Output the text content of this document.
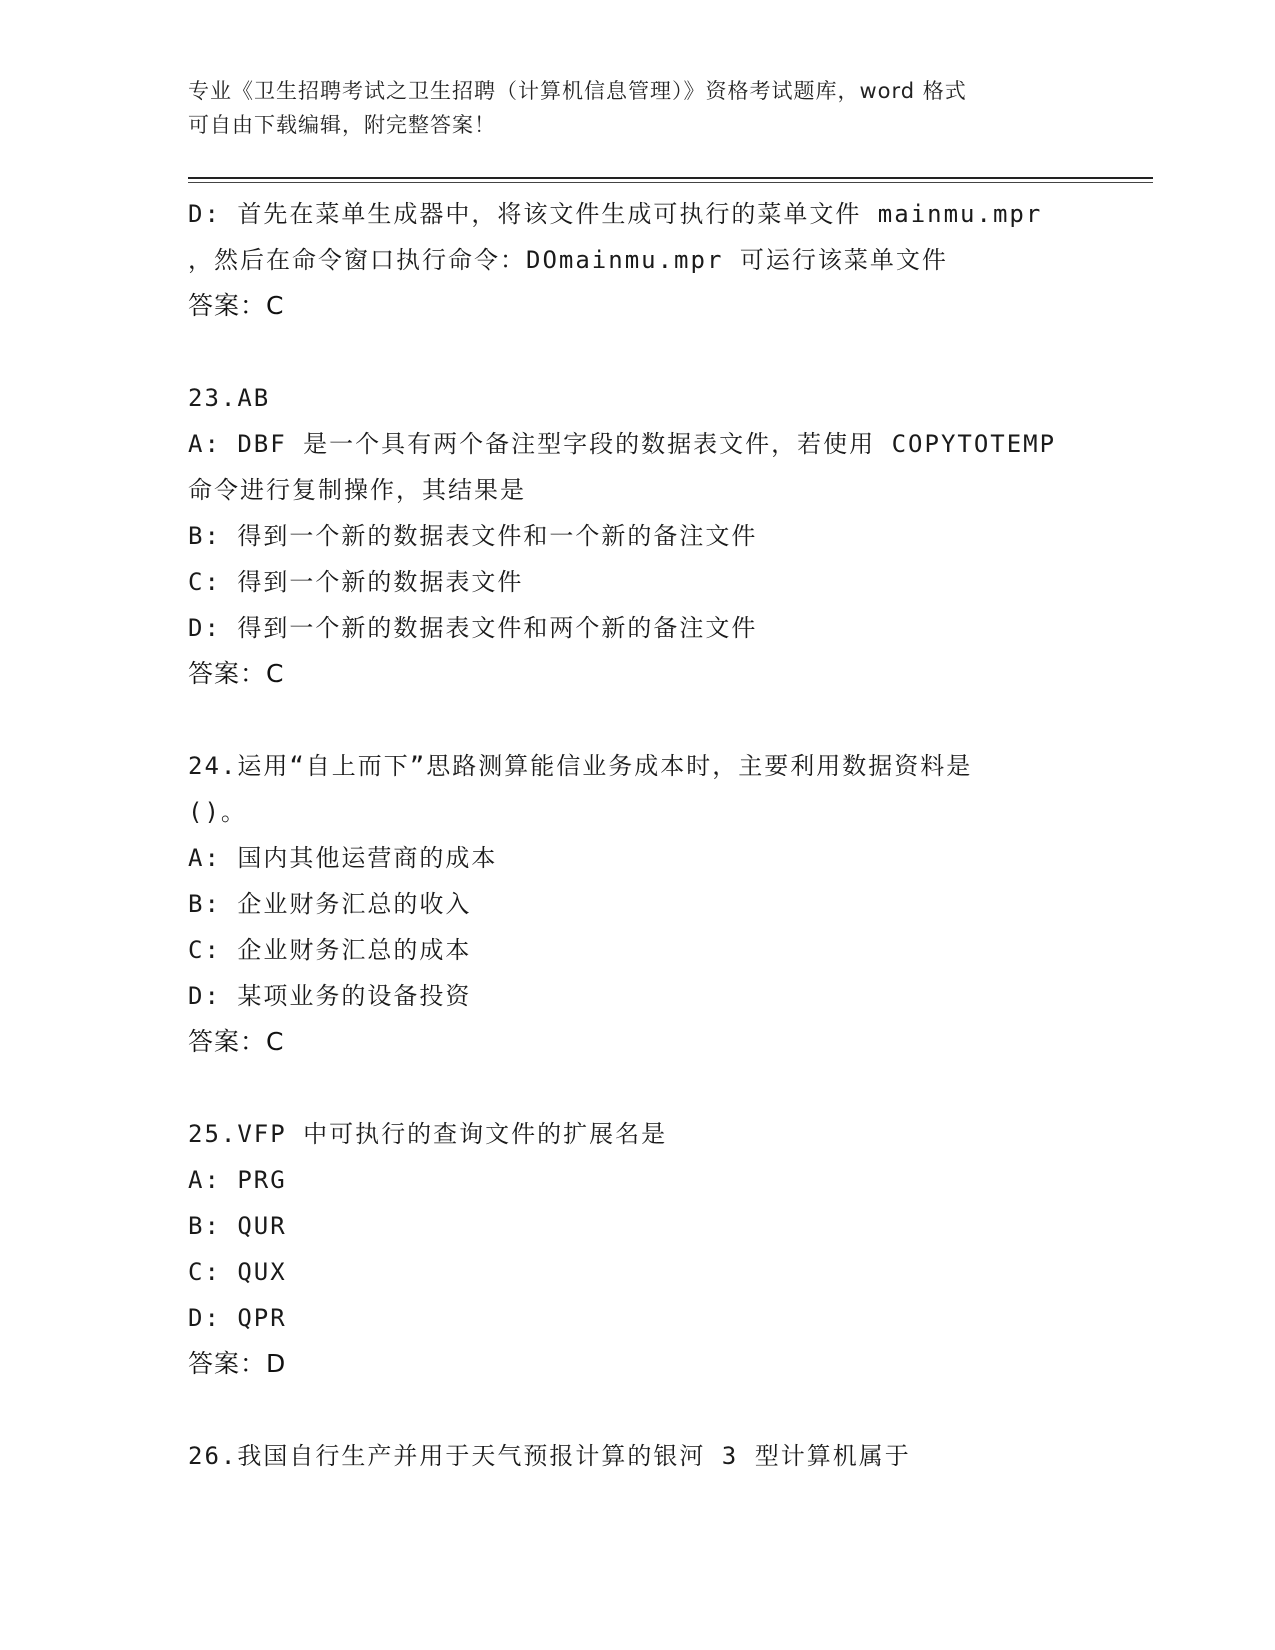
专业《卫生招聘考试之卫生招聘（计算机信息管理）》资格考试题库，word 格式
可自由下载编辑，附完整答案！
D: 首先在菜单生成器中，将该文件生成可执行的菜单文件 mainmu.mpr
，然后在命令窗口执行命令：DOmainmu.mpr 可运行该菜单文件
答案：C
23.AB
A: DBF 是一个具有两个备注型字段的数据表文件，若使用 COPYTOTEMP
命令进行复制操作，其结果是
B: 得到一个新的数据表文件和一个新的备注文件
C: 得到一个新的数据表文件
D: 得到一个新的数据表文件和两个新的备注文件
答案：C
24.运用“自上而下”思路测算能信业务成本时，主要利用数据资料是
()。
A: 国内其他运营商的成本
B: 企业财务汇总的收入
C: 企业财务汇总的成本
D: 某项业务的设备投资
答案：C
25.VFP 中可执行的查询文件的扩展名是
A: PRG
B: QUR
C: QUX
D: QPR
答案：D
26.我国自行生产并用于天气预报计算的银河 3 型计算机属于
